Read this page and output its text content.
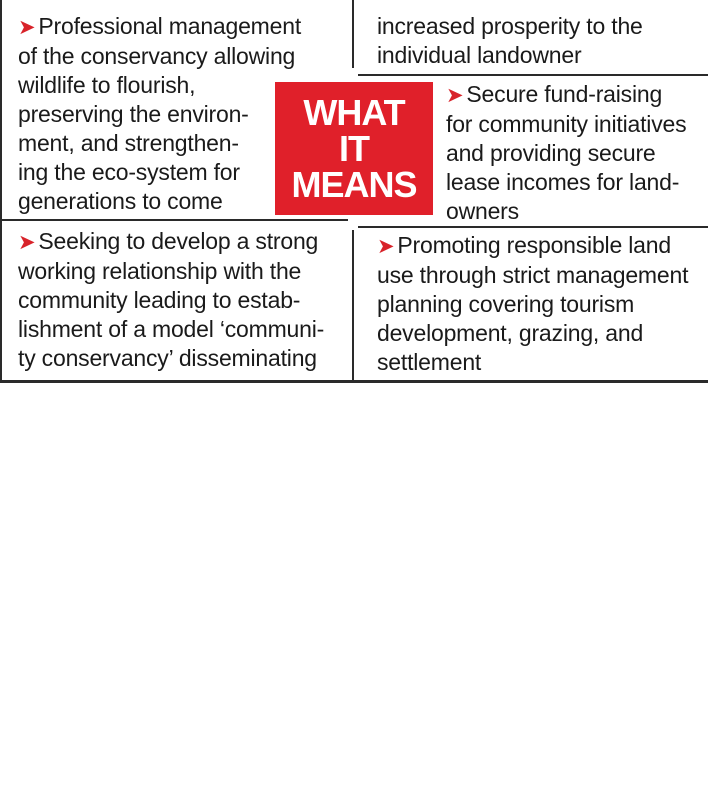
➤ Professional management
of the conservancy allowing
wildlife to flourish,
preserving the environ-
ment, and strengthen-
ing the eco-system for
generations to come
increased prosperity to the
individual landowner
WHAT
IT
MEANS
➤ Secure fund-raising
for community initiatives
and providing secure
lease incomes for land-
owners
➤ Seeking to develop a strong
working relationship with the
community leading to estab-
lishment of a model ‘communi-
ty conservancy’ disseminating
➤ Promoting responsible land
use through strict management
planning covering tourism
development, grazing, and
settlement
